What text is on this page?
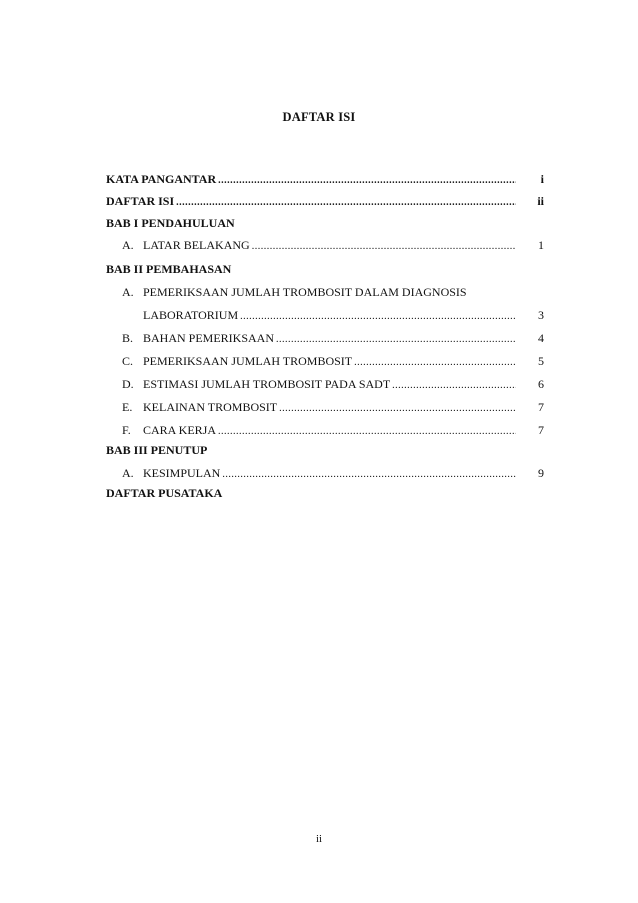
DAFTAR ISI
KATA PANGANTAR .....	i
DAFTAR ISI .....	ii
BAB I PENDAHULUAN
A. LATAR BELAKANG .....	1
BAB II PEMBAHASAN
A. PEMERIKSAAN JUMLAH TROMBOSIT DALAM DIAGNOSIS
LABORATORIUM .....	3
B. BAHAN PEMERIKSAAN .....	4
C. PEMERIKSAAN JUMLAH TROMBOSIT .....	5
D. ESTIMASI JUMLAH TROMBOSIT PADA SADT .....	6
E. KELAINAN TROMBOSIT .....	7
F.	CARA KERJA .....	7
BAB III PENUTUP
A. KESIMPULAN .....	9
DAFTAR PUSATAKA
ii
